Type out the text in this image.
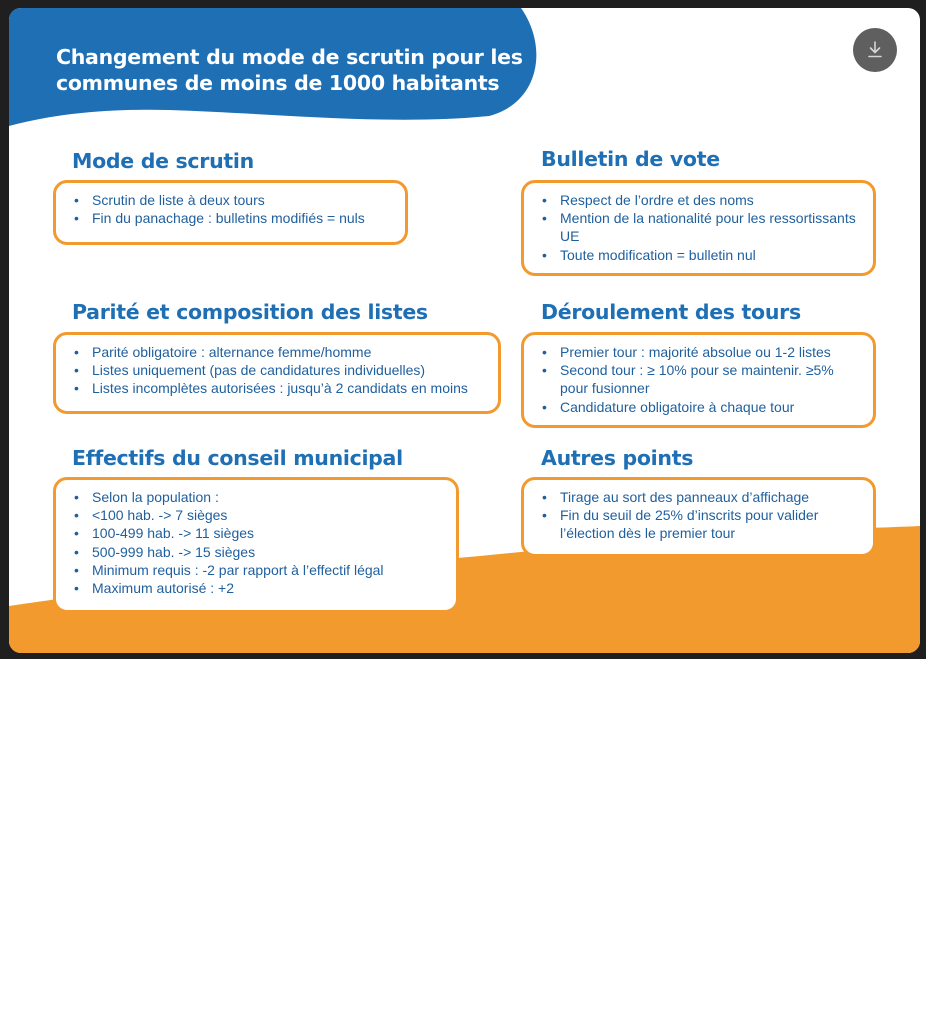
Changement du mode de scrutin pour les communes de moins de 1000 habitants
Mode de scrutin
• Scrutin de liste à deux tours
• Fin du panachage : bulletins modifiés = nuls
Bulletin de vote
• Respect de l’ordre et des noms
• Mention de la nationalité pour les ressortissants UE
• Toute modification = bulletin nul
Parité et composition des listes
• Parité obligatoire : alternance femme/homme
• Listes uniquement (pas de candidatures individuelles)
• Listes incomplètes autorisées : jusqu’à 2 candidats en moins
Déroulement des tours
• Premier tour : majorité absolue ou 1-2 listes
• Second tour : ≥ 10% pour se maintenir. ≥5% pour fusionner
• Candidature obligatoire à chaque tour
Effectifs du conseil municipal
• Selon la population :
• <100 hab. -> 7 sièges
• 100-499 hab. -> 11 sièges
• 500-999 hab. -> 15 sièges
• Minimum requis : -2 par rapport à l’effectif légal
• Maximum autorisé : +2
Autres points
• Tirage au sort des panneaux d’affichage
• Fin du seuil de 25% d’inscrits pour valider l’élection dès le premier tour
